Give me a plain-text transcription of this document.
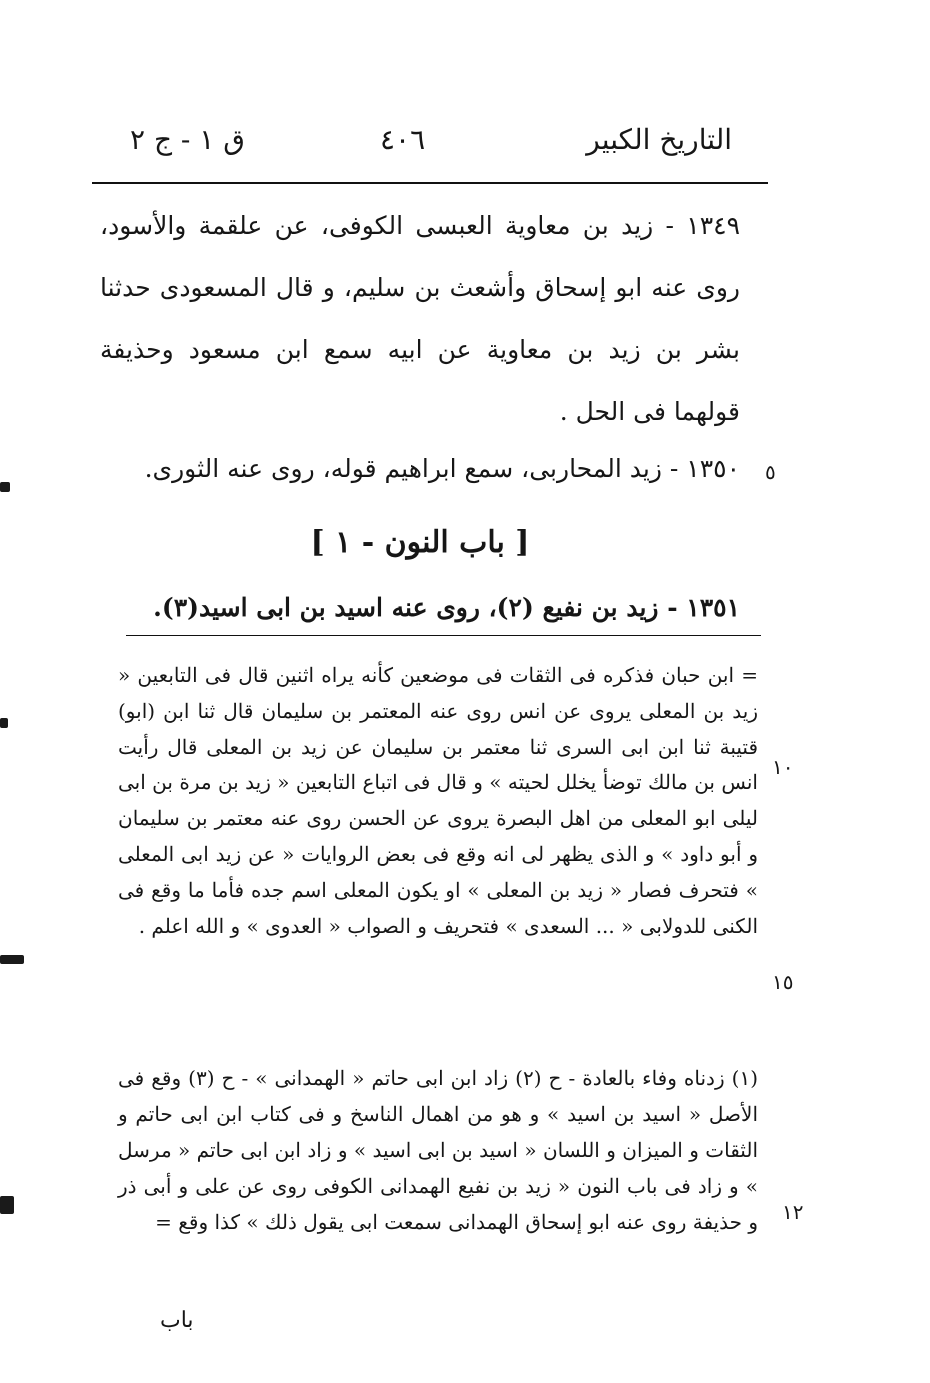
ق ١ - ج ٢	٤٠٦	التاريخ الكبير

١٣٤٩ - زيد بن معاوية العبسى الكوفى، عن علقمة والأسود، روى عنه ابو إسحاق وأشعث بن سليم، و قال المسعودى حدثنا بشر بن زيد بن معاوية عن ابيه سمع ابن مسعود وحذيفة قولهما فى الحل .

٥

١٣٥٠ - زيد المحاربى، سمع ابراهيم قوله، روى عنه الثورى.

[ باب النون - ١ ]

١٣٥١ - زيد بن نفيع (٢)، روى عنه اسيد بن ابى اسيد(٣).

= ابن حبان فذكره فى الثقات فى موضعين كأنه يراه اثنين قال فى التابعين « زيد بن المعلى يروى عن انس روى عنه المعتمر بن سليمان قال ثنا ابن (ابو) قتيبة ثنا ابن ابى السرى ثنا معتمر بن سليمان عن زيد بن المعلى قال رأيت انس بن مالك توضأ يخلل لحيته » و قال فى اتباع التابعين « زيد بن مرة بن ابى ليلى ابو المعلى من اهل البصرة يروى عن الحسن روى عنه معتمر بن سليمان و أبو داود » و الذى يظهر لى انه وقع فى بعض الروايات « عن زيد ابى المعلى » فتحرف فصار « زيد بن المعلى » او يكون المعلى اسم جده فأما ما وقع فى الكنى للدولابى « ... السعدى » فتحريف و الصواب « العدوى » و الله اعلم .

١٠
١٥

(١) زدناه وفاء بالعادة - ح (٢) زاد ابن ابى حاتم « الهمدانى » - ح (٣) وقع فى الأصل « اسيد بن اسيد » و هو من اهمال الناسخ و فى كتاب ابن ابى حاتم و الثقات و الميزان و اللسان « اسيد بن ابى اسيد » و زاد ابن ابى حاتم « مرسل » و زاد فى باب النون « زيد بن نفيع الهمدانى الكوفى روى عن على و أبى ذر و حذيفة روى عنه ابو إسحاق الهمدانى سمعت ابى يقول ذلك » كذا وقع = ١٢
باب
